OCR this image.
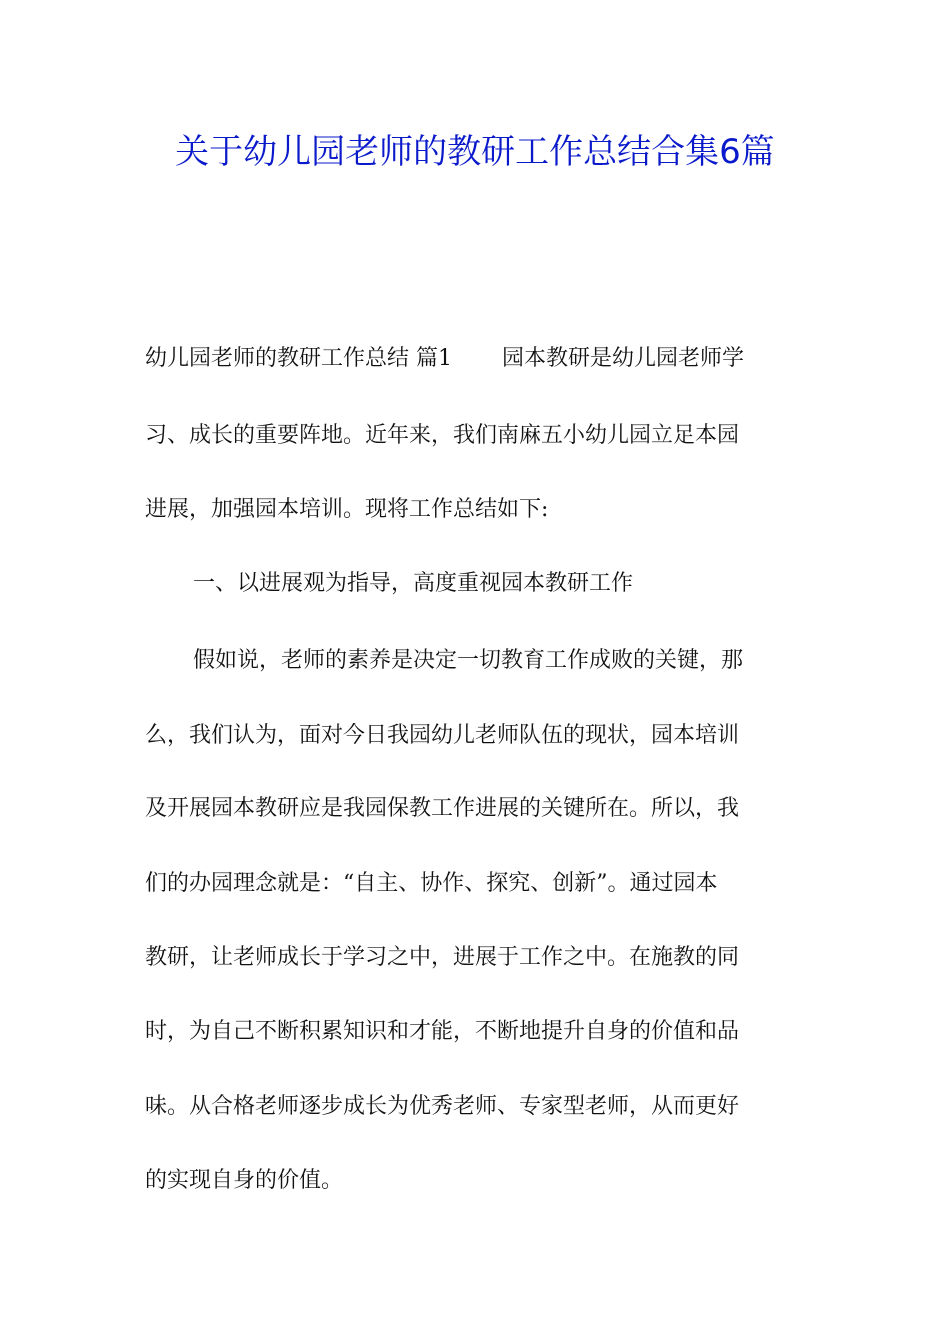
关于幼儿园老师的教研工作总结合集6篇
幼儿园老师的教研工作总结 篇1 园本教研是幼儿园老师学
习、成长的重要阵地。近年来，我们南麻五小幼儿园立足本园
进展，加强园本培训。现将工作总结如下:
一、以进展观为指导，高度重视园本教研工作
假如说，老师的素养是决定一切教育工作成败的关键，那
么，我们认为，面对今日我园幼儿老师队伍的现状，园本培训
及开展园本教研应是我园保教工作进展的关键所在。所以，我
们的办园理念就是：“自主、协作、探究、创新”。通过园本
教研，让老师成长于学习之中，进展于工作之中。在施教的同
时，为自己不断积累知识和才能，不断地提升自身的价值和品
味。从合格老师逐步成长为优秀老师、专家型老师，从而更好
的实现自身的价值。
